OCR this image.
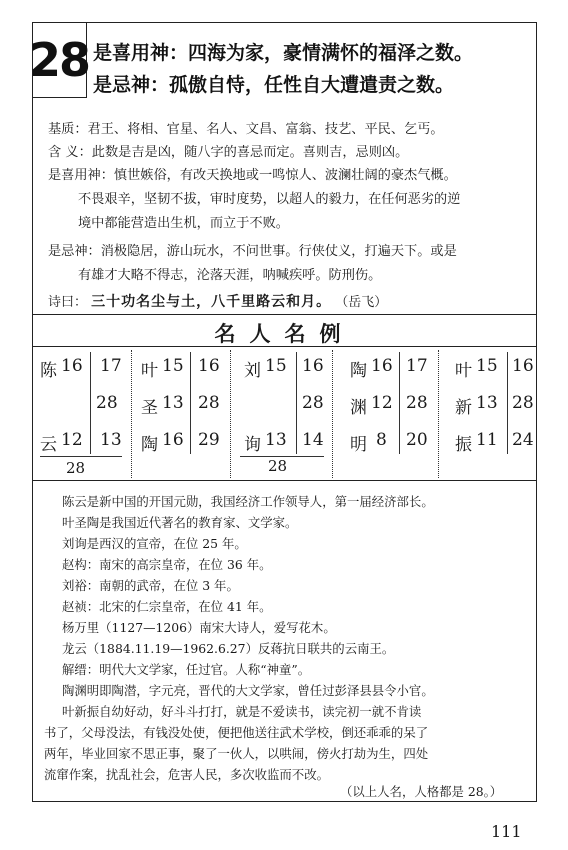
28 是喜用神：四海为家，豪情满怀的福泽之数。
是忌神：孤傲自恃，任性自大遭遣责之数。
基质：君王、将相、官星、名人、文昌、富翁、技艺、平民、乞丐。
含 义：此数是吉是凶，随八字的喜忌而定。喜则吉，忌则凶。
是喜用神：慎世嫉俗，有改天换地或一鸣惊人、波澜壮阔的豪杰气概。
不畏艰辛，坚韧不拔，审时度势，以超人的毅力，在任何恶劣的逆
境中都能营造出生机，而立于不败。
是忌神：消极隐居，游山玩水，不问世事。行侠仗义，打遍天下。或是
有雄才大略不得志，沦落天涯，呐喊疾呼。防刑伤。
诗曰： 三十功名尘与土，八千里路云和月。 （岳飞）
名人名例
陈 16
云 12
17
28
13
28
叶 15
圣 13
陶 16
16
28
29
刘 15
询 13
16
28
14
28
陶 16
渊 12
明 8
17
28
20
叶 15
新 13
振 11
16
28
24
陈云是新中国的开国元勋，我国经济工作领导人，第一届经济部长。
叶圣陶是我国近代著名的教育家、文学家。
刘询是西汉的宣帝，在位 25 年。
赵构：南宋的高宗皇帝，在位 36 年。
刘裕：南朝的武帝，在位 3 年。
赵祯：北宋的仁宗皇帝，在位 41 年。
杨万里（1127—1206）南宋大诗人，爱写花木。
龙云（1884.11.19—1962.6.27）反蒋抗日联共的云南王。
解缙：明代大文学家，任过官。人称“神童”。
陶渊明即陶潜，字元亮，晋代的大文学家，曾任过彭泽县县令小官。
叶新振自幼好动，好斗斗打打，就是不爱读书，读完初一就不肯读
书了，父母没法，有钱没处使，便把他送往武术学校，倒还乖乖的呆了
两年，毕业回家不思正事，聚了一伙人，以哄闹，傍火打劫为生，四处
流窜作案，扰乱社会，危害人民，多次收监而不改。
（以上人名，人格都是 28。）
111
